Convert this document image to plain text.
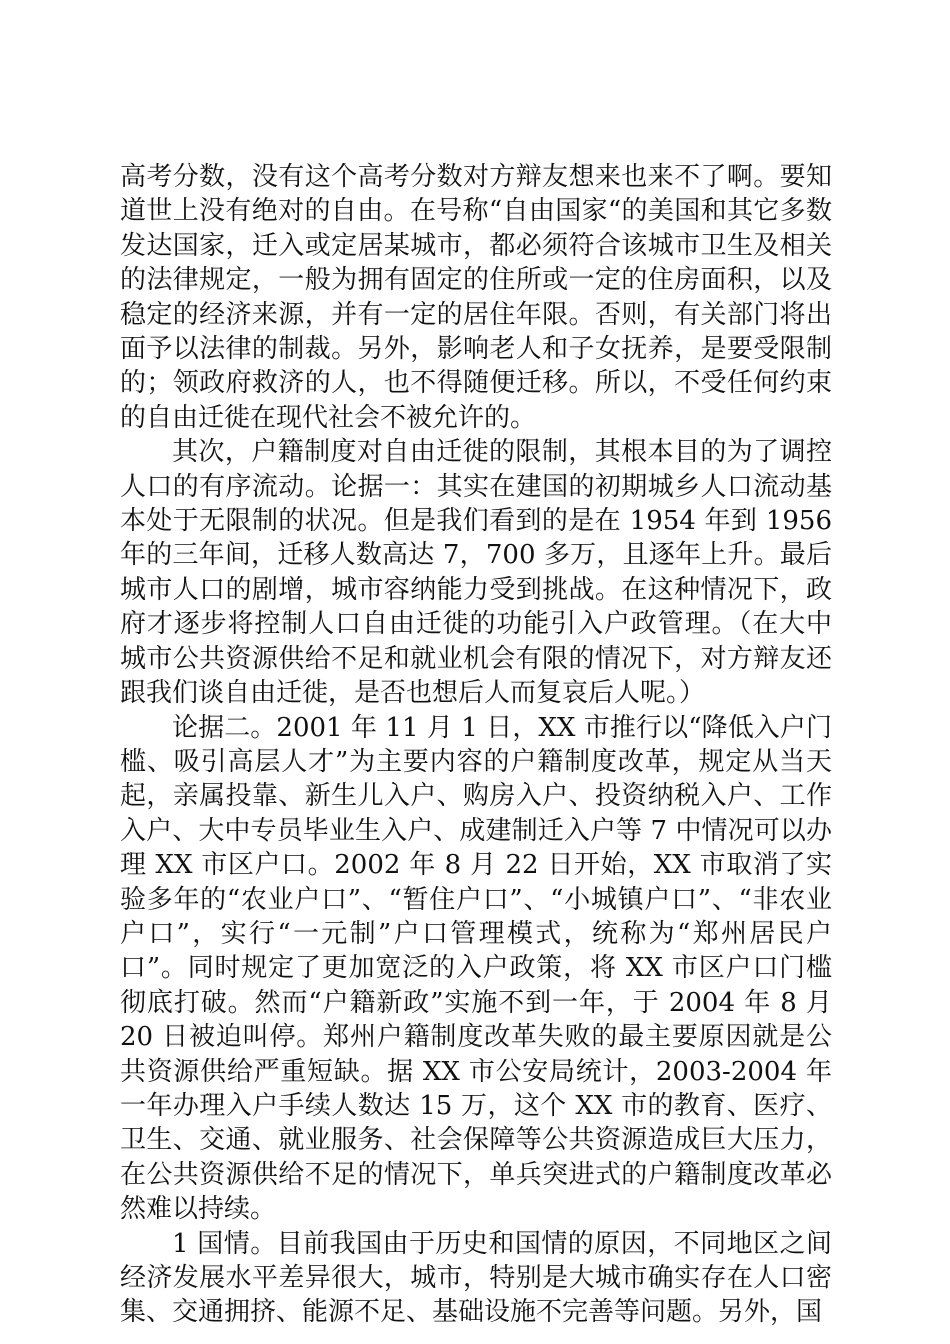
高考分数，没有这个高考分数对方辩友想来也来不了啊。要知道世上没有绝对的自由。在号称“自由国家“的美国和其它多数发达国家，迁入或定居某城市，都必须符合该城市卫生及相关的法律规定，一般为拥有固定的住所或一定的住房面积，以及稳定的经济来源，并有一定的居住年限。否则，有关部门将出面予以法律的制裁。另外，影响老人和子女抚养，是要受限制的；领政府救济的人，也不得随便迁移。所以，不受任何约束的自由迁徙在现代社会不被允许的。

其次，户籍制度对自由迁徙的限制，其根本目的为了调控人口的有序流动。论据一：其实在建国的初期城乡人口流动基本处于无限制的状况。但是我们看到的是在 1954 年到 1956 年的三年间，迁移人数高达 7，700 多万，且逐年上升。最后城市人口的剧增，城市容纳能力受到挑战。在这种情况下，政府才逐步将控制人口自由迁徙的功能引入户政管理。（在大中城市公共资源供给不足和就业机会有限的情况下，对方辩友还跟我们谈自由迁徙，是否也想后人而复哀后人呢。）

论据二。2001 年 11 月 1 日，XX 市推行以“降低入户门槛、吸引高层人才”为主要内容的户籍制度改革，规定从当天起，亲属投靠、新生儿入户、购房入户、投资纳税入户、工作入户、大中专员毕业生入户、成建制迁入户等 7 中情况可以办理 XX 市区户口。2002 年 8 月 22 日开始，XX 市取消了实验多年的“农业户口”、“暂住户口”、“小城镇户口”、“非农业户口”，实行“一元制”户口管理模式，统称为“郑州居民户口”。同时规定了更加宽泛的入户政策，将 XX 市区户口门槛彻底打破。然而“户籍新政”实施不到一年，于 2004 年 8 月 20 日被迫叫停。郑州户籍制度改革失败的最主要原因就是公共资源供给严重短缺。据 XX 市公安局统计，2003-2004 年一年办理入户手续人数达 15 万，这个 XX 市的教育、医疗、卫生、交通、就业服务、社会保障等公共资源造成巨大压力，在公共资源供给不足的情况下，单兵突进式的户籍制度改革必然难以持续。

1 国情。目前我国由于历史和国情的原因，不同地区之间经济发展水平差异很大，城市，特别是大城市确实存在人口密集、交通拥挤、能源不足、基础设施不完善等问题。另外，国
